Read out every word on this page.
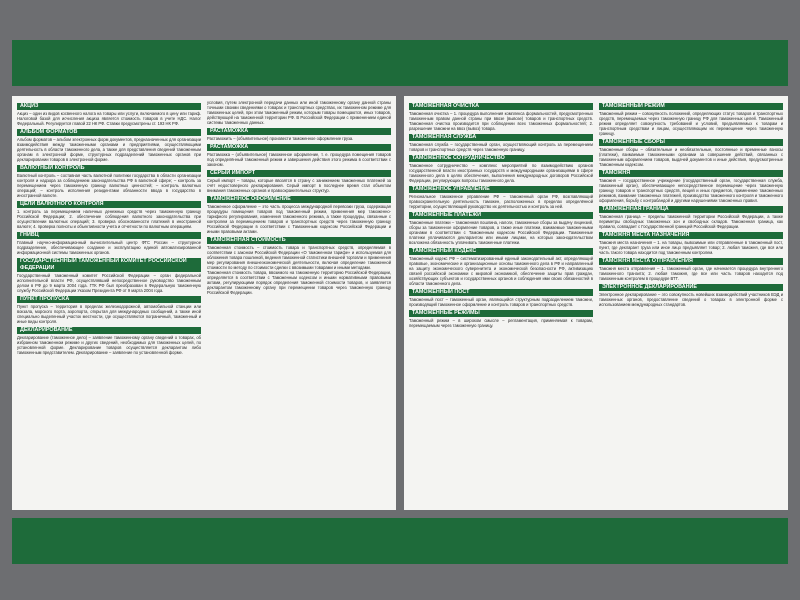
АКЦИЗ

Акциз – один из видов косвенного налога на товары или услуги, включаемого в цену или тариф. Налоговой базой для исчисления акциза является стоимость товаров в учете НДС. Налог Федеральный. Регулируется главой 22 НК РФ. Ставки предусмотрены ст. 193 НК РФ.

АЛЬБОМ ФОРМАТОВ

Альбом форматов – альбом электронных форм документов, предназначенных для организации взаимодействия между таможенными органами и предприятиями, осуществляющими деятельность в области таможенного дела, а также для представления сведений таможенным органам в электронной форме, структурных подразделений таможенных органов при декларировании товаров в электронной форме.

ВАЛЮТНЫЙ КОНТРОЛЬ

Валютный контроль – составная часть валютной политики государства в области организации контроля и надзора за соблюдением законодательства РФ в валютной сфере; – контроль за перемещением через таможенную границу валютных ценностей; – контроль валютных операций; – контроль исполнения резидентами обязанности ввода в государство в иностранной валюте.

ЦЕЛИ ВАЛЮТНОГО КОНТРОЛЯ

1. контроль за перемещением наличных денежных средств через таможенную границу Российской Федерации; 2. обеспечение соблюдения валютного законодательства при осуществлении валютных операций; 3. проверка обоснованности платежей в иностранной валюте; 4. проверка полноты и объективности учета и отчетности по валютным операциям.

ГНИВЦ

Главный научно-информационный вычислительный центр ФТС России – структурное подразделение, обеспечивающее создание и эксплуатацию единой автоматизированной информационной системы таможенных органов.

ГОСУДАРСТВЕННЫЙ ТАМОЖЕННЫЙ КОМИТЕТ РОССИЙСКОЙ ФЕДЕРАЦИИ

Государственный таможенный комитет Российской Федерации – орган федеральной исполнительной власти РФ, осуществлявший непосредственное руководство таможенным делом в РФ до 9 марта 2004 года. ГТК РФ был преобразован в Федеральную таможенную службу Российской Федерации Указом Президента РФ от 9 марта 2004 года.

ПУНКТ ПРОПУСКА

Пункт пропуска – территория в пределах железнодорожной, автомобильной станции или вокзала, морского порта, аэропорта, открытая для международных сообщений, а также иной специально выделенный участок местности, где осуществляются пограничный, таможенный и иные виды контроля.

ДЕКЛАРИРОВАНИЕ

Декларирование (таможенное дело) – заявление таможенному органу сведений о товарах, об избранном таможенном режиме и других сведений, необходимых для таможенных целей, по установленной форме. Декларирование товаров осуществляется декларантом либо таможенным представителем. Декларирование – заявление по установленной форме.

условия, путем электронной передачи данных или иной таможенному органу данной страны точными своими сведениями о товарах и транспортных средствах, их таможенном режиме для таможенных целей, при этом таможенный режим, которым товары помещаются, иных товаров, действующей на таможенной территории РФ. В Российской Федерации с применением единой системы таможенных данных.

РАСТАМОЖКА

Растаможить – (объявительное) произвести таможенное оформление груза.

РАСТАМОЖКА

Растаможка – (объявительное) таможенное оформление, т. е. процедура помещения товаров под определённый таможенный режим и завершения действия этого режима в соответствии с законом.

СЕРЫЙ ИМПОРТ

Серый импорт – товары, которые ввозятся в страну с занижением таможенных платежей за счёт недостоверного декларирования. Серый импорт в последнее время стал объектом внимания таможенных органов и правоохранительных структур.

ТАМОЖЕННОЕ ОФОРМЛЕНИЕ

Таможенное оформление – это часть процесса международной перевозки груза, содержащая процедуры помещения товаров под таможенный режим, применения мер таможенно-тарифного регулирования, изменения таможенного режима, а также процедуры, связанные с контролем за перемещением товаров и транспортных средств через таможенную границу Российской Федерации в соответствии с Таможенным кодексом Российской Федерации и иными правовыми актами.

ТАМОЖЕННАЯ СТОИМОСТЬ

Таможенная стоимость – стоимость товара и транспортных средств, определяемая в соответствии с законом Российской Федерации «О таможенном тарифе» и используемая для обложения товара пошлиной, ведения таможенной статистики внешней торговли и применения мер регулирования внешнеэкономической деятельности, включая определение таможенной стоимости по методу по стоимости сделки с ввозимыми товарами и иными методами.

Таможенная стоимость товара, ввозимого на таможенную территорию Российской Федерации, определяется в соответствии с Таможенным кодексом и иными нормативными правовыми актами, регулирующими порядок определения таможенной стоимости товаров, и заявляется декларантом таможенному органу при перемещении товаров через таможенную границу Российской Федерации.

ТАМОЖЕННАЯ ОЧИСТКА

Таможенная очистка – 1. процедура выполнения комплекса формальностей, предусмотренных таможенным правом данной страны при ввозе (вывозе) товаров и транспортных средств. Таможенная очистка производится при соблюдении всех таможенных формальностей; 2. разрешение таможни на ввоз (вывоз) товара.

ТАМОЖЕННАЯ СЛУЖБА

Таможенная служба – государственный орган, осуществляющий контроль за перемещением товаров и транспортных средств через таможенную границу.

ТАМОЖЕННОЕ СОТРУДНИЧЕСТВО

Таможенное сотрудничество – комплекс мероприятий по взаимодействию органов государственной власти иностранных государств и международными организациями в сфере таможенного дела в целях обеспечения, выполнения международных договоров Российской Федерации, регулирующих вопросы таможенного дела.

ТАМОЖЕННОЕ УПРАВЛЕНИЕ

Региональное таможенное управление РФ – таможенный орган РФ, возглавляющий правоохранительную деятельность таможен, расположенных в пределах определённой территории, осуществляющий руководство их деятельностью и контроль за ней.

ТАМОЖЕННЫЕ ПЛАТЕЖИ

Таможенные платежи – таможенная пошлина, налоги, таможенные сборы за выдачу лицензий, сборы за таможенное оформление товаров, а также иные платежи, взимаемые таможенными органами в соответствии с Таможенным кодексом Российской Федерации. Таможенные платежи уплачиваются декларантом или иными лицами, на которых законодательством возложена обязанность уплачивать таможенные платежи.

ТАМОЖЕННЫЙ КОДЕКС

Таможенный кодекс РФ – систематизированный единый законодательный акт, определяющий правовые, экономические и организационные основы таможенного дела в РФ и направленный на защиту экономического суверенитета и экономической безопасности РФ, активизацию связей российской экономики с мировой экономикой, обеспечение защиты прав граждан, хозяйствующих субъектов и государственных органов и соблюдения ими своих обязанностей в области таможенного дела.

ТАМОЖЕННЫЙ ПОСТ

Таможенный пост – таможенный орган, являющийся структурным подразделением таможни, производящий таможенное оформление и контроль товаров и транспортных средств.

ТАМОЖЕННЫЕ РЕЖИМЫ

Таможенный режим – в широком смысле – регламентация, применяемая к товарам, перемещаемым через таможенную границу.

ТАМОЖЕННЫЙ РЕЖИМ

Таможенный режим – совокупность положений, определяющих статус товаров и транспортных средств, перемещаемых через таможенную границу РФ для таможенных целей. Таможенный режим определяет совокупность требований и условий, предъявляемых к товарам и транспортным средствам и лицам, осуществляющим их перемещение через таможенную границу.

ТАМОЖЕННЫЕ СБОРЫ

Таможенные сборы – обязательные и необязательные, постоянные и временные взносы (платежи), взимаемые таможенными органами за совершение действий, связанных с таможенным оформлением товаров, выдачей документов и иные действия, предусмотренные Таможенным кодексом.

ТАМОЖНЯ

Таможня – государственное учреждение (государственный орган, государственная служба, таможенный орган), обеспечивающее непосредственное перемещение через таможенную границу товаров и транспортных средств, вещей и иных предметов, применение таможенных режимов, взимание таможенных платежей, производство таможенного контроля и таможенного оформления, борьбу с контрабандой и другими нарушениями таможенных правил.

ТАМОЖЕННАЯ ГРАНИЦА

Таможенная граница – пределы таможенной территории Российской Федерации, а также периметры свободных таможенных зон и свободных складов. Таможенная граница, как правило, совпадает с Государственной границей Российской Федерации.

ТАМОЖНЯ МЕСТА НАЗНАЧЕНИЯ

Таможня места назначения – 1. на товары, вывозимые или отправленные в таможенный пост, пункт, где декларант груза или иное лицо предъявляет товар; 2. любая таможня, где вся или часть такого товара находится под таможенным контролем.

ТАМОЖНЯ МЕСТА ОТПРАВЛЕНИЯ

Таможня места отправления – 1. таможенный орган, где начинается процедура внутреннего таможенного транзита; 2. любая таможня, где все или часть товаров находится под таможенным контролем в процедуре ВТТ.

ЭЛЕКТРОННОЕ ДЕКЛАРИРОВАНИЕ

Электронное декларирование – это совокупность новейших взаимодействий участников ВЭД и таможенных органов, предоставление сведений о товарах в электронной форме с использованием международных стандартов.
